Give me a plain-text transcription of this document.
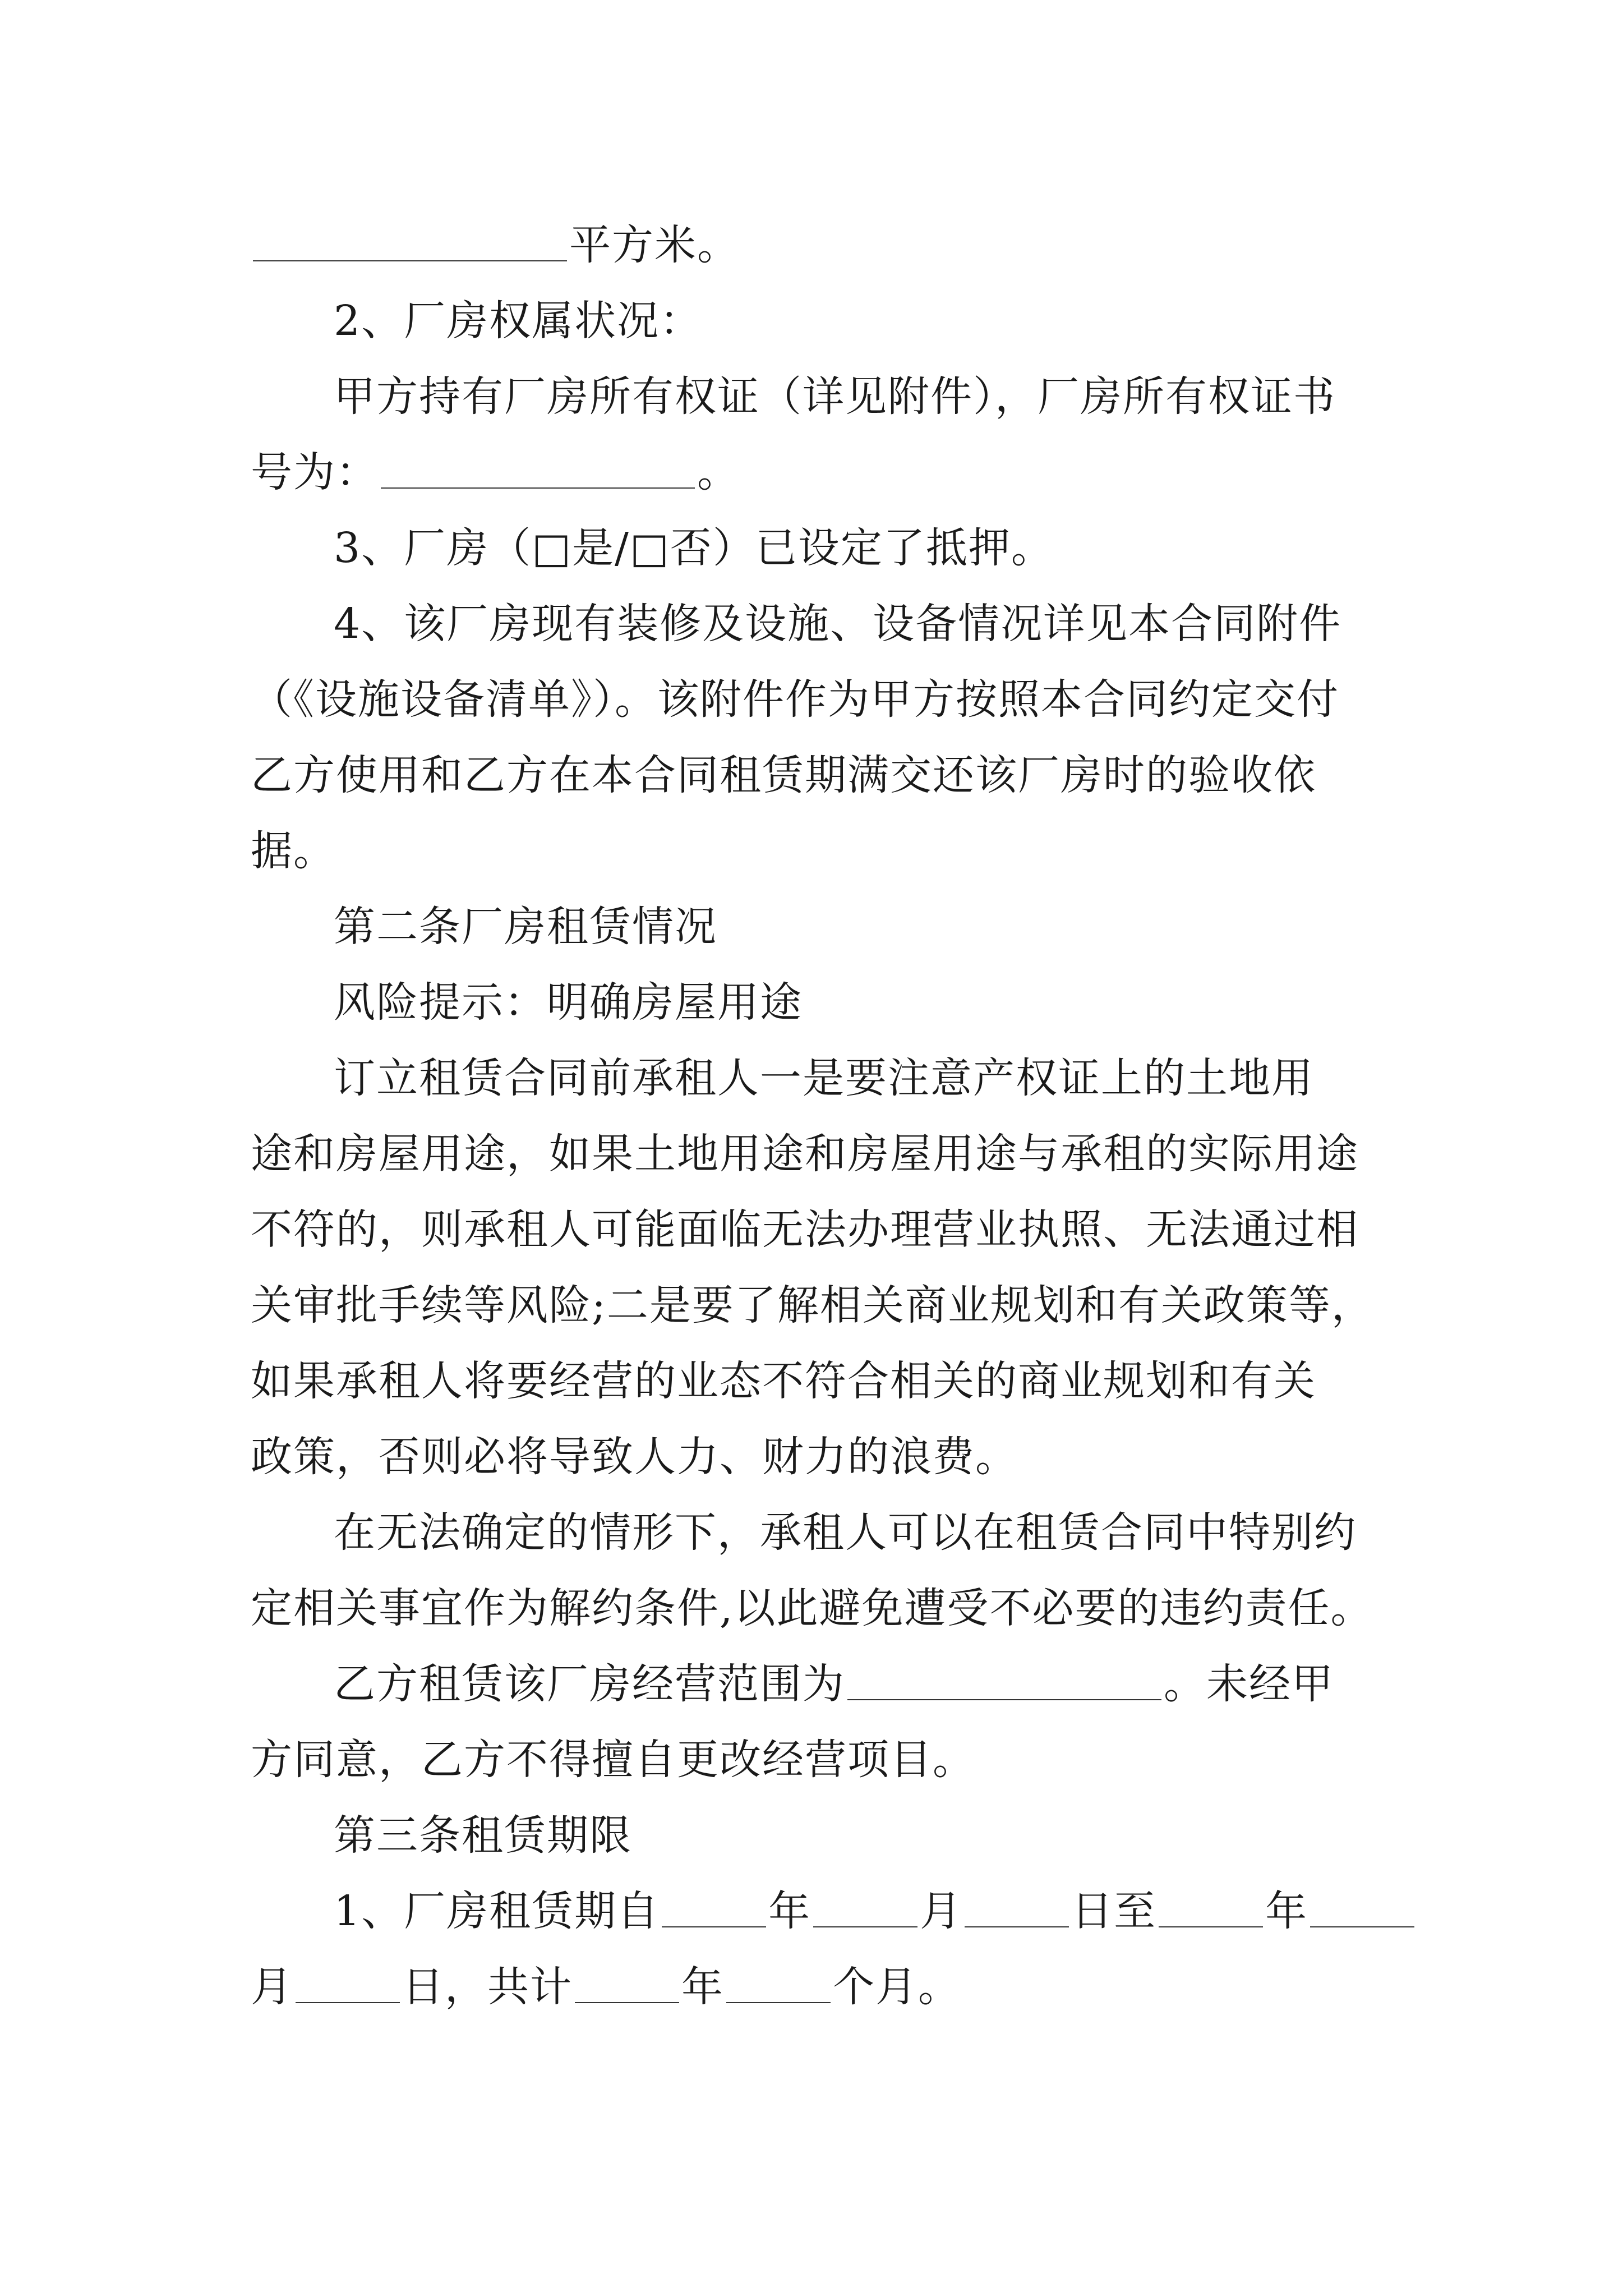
平方米。
2、厂房权属状况：
甲方持有厂房所有权证（详见附件），厂房所有权证书
号为：	。
3、厂房（□是/□否）已设定了抵押。
4、该厂房现有装修及设施、设备情况详见本合同附件
（《设施设备清单》）。该附件作为甲方按照本合同约定交付
乙方使用和乙方在本合同租赁期满交还该厂房时的验收依
据。
第二条厂房租赁情况
风险提示：明确房屋用途
订立租赁合同前承租人一是要注意产权证上的土地用
途和房屋用途，如果土地用途和房屋用途与承租的实际用途
不符的，则承租人可能面临无法办理营业执照、无法通过相
关审批手续等风险;二是要了解相关商业规划和有关政策等，
如果承租人将要经营的业态不符合相关的商业规划和有关
政策，否则必将导致人力、财力的浪费。
在无法确定的情形下，承租人可以在租赁合同中特别约
定相关事宜作为解约条件,以此避免遭受不必要的违约责任。
乙方租赁该厂房经营范围为	。未经甲
方同意，乙方不得擅自更改经营项目。
第三条租赁期限
1、厂房租赁期自	年	月	日至	年
月	日，共计	年	个月。
